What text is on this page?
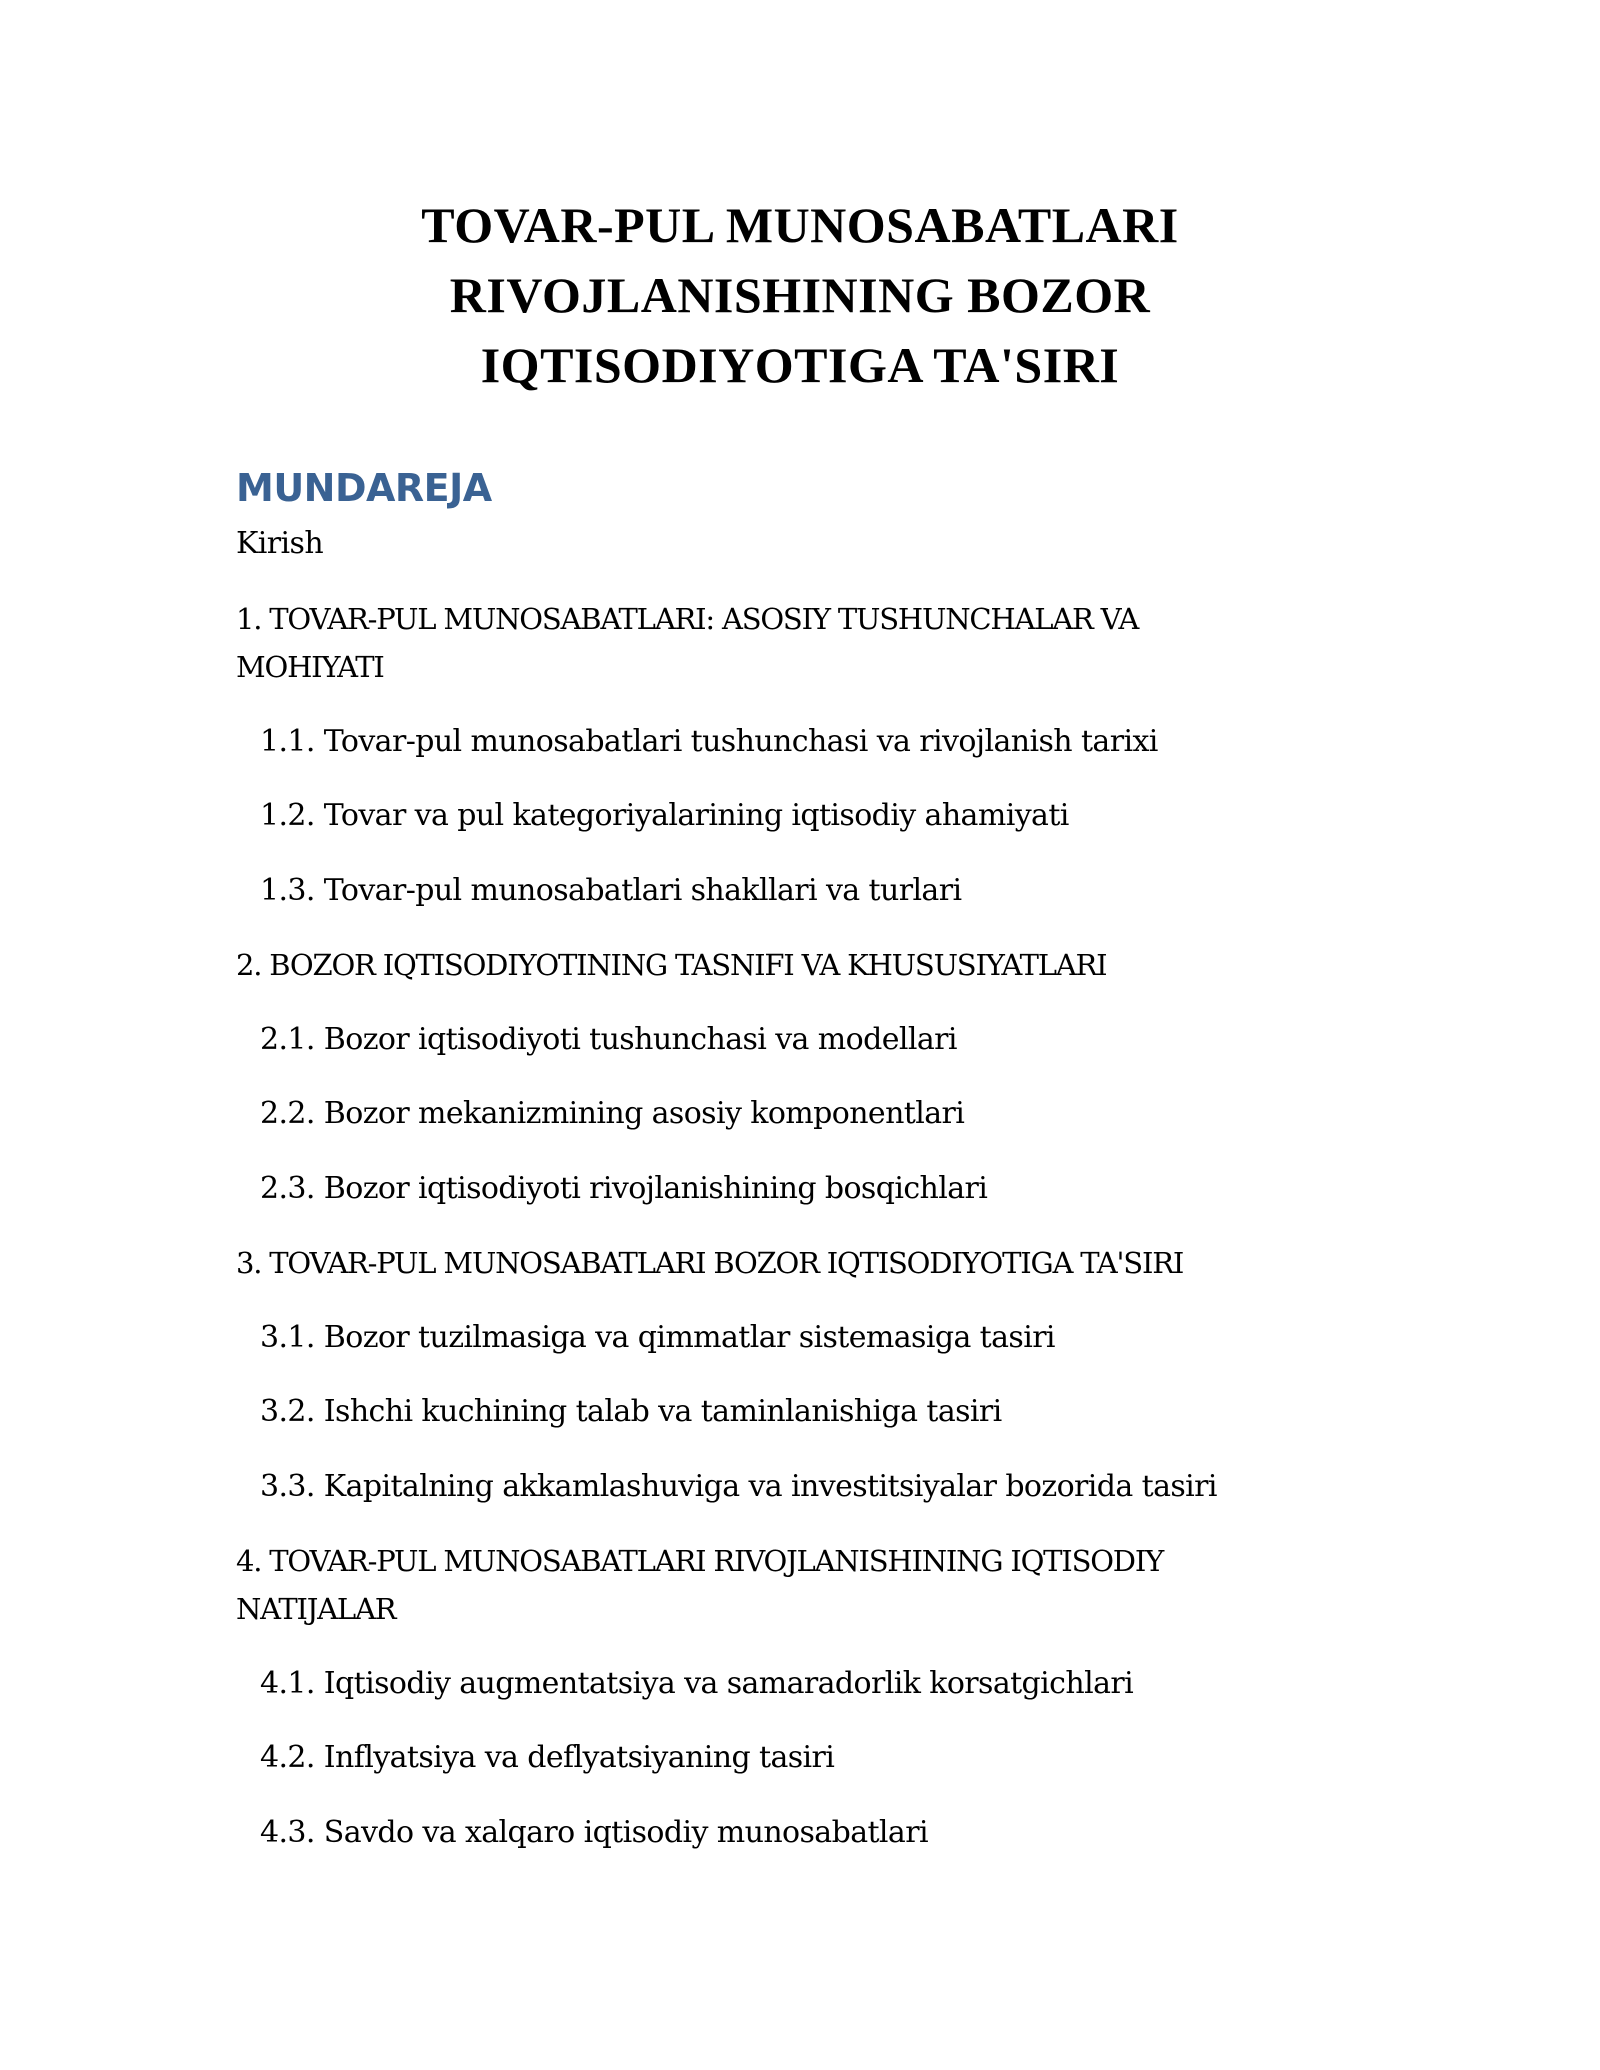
TOVAR-PUL MUNOSABATLARI
RIVOJLANISHINING BOZOR
IQTISODIYOTIGA TA'SIRI
MUNDAREJA
Kirish
1. TOVAR-PUL MUNOSABATLARI: ASOSIY TUSHUNCHALAR VA
MOHIYATI
1.1. Tovar-pul munosabatlari tushunchasi va rivojlanish tarixi
1.2. Tovar va pul kategoriyalarining iqtisodiy ahamiyati
1.3. Tovar-pul munosabatlari shakllari va turlari
2. BOZOR IQTISODIYOTINING TASNIFI VA KHUSUSIYATLARI
2.1. Bozor iqtisodiyoti tushunchasi va modellari
2.2. Bozor mekanizmining asosiy komponentlari
2.3. Bozor iqtisodiyoti rivojlanishining bosqichlari
3. TOVAR-PUL MUNOSABATLARI BOZOR IQTISODIYOTIGA TA'SIRI
3.1. Bozor tuzilmasiga va qimmatlar sistemasiga tasiri
3.2. Ishchi kuchining talab va taminlanishiga tasiri
3.3. Kapitalning akkamlashuviga va investitsiyalar bozorida tasiri
4. TOVAR-PUL MUNOSABATLARI RIVOJLANISHINING IQTISODIY
NATIJALAR
4.1. Iqtisodiy augmentatsiya va samaradorlik korsatgichlari
4.2. Inflyatsiya va deflyatsiyaning tasiri
4.3. Savdo va xalqaro iqtisodiy munosabatlari
